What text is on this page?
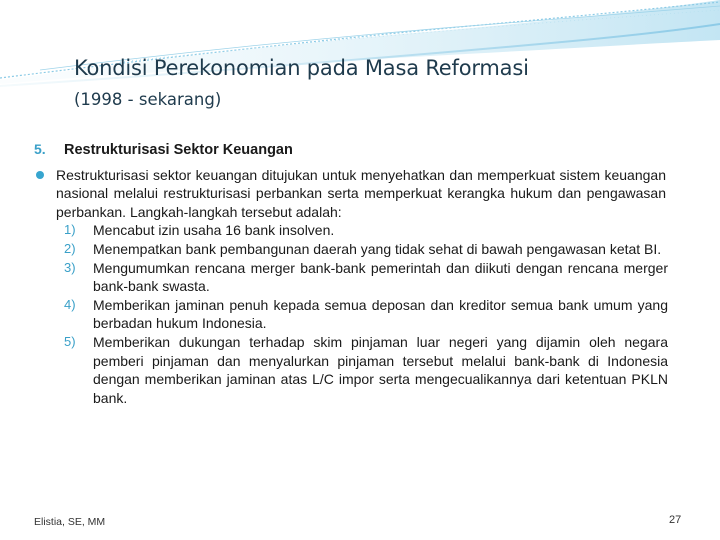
Kondisi Perekonomian pada Masa Reformasi
(1998 - sekarang)
5.	Restrukturisasi Sektor Keuangan
Restrukturisasi sektor keuangan ditujukan untuk menyehatkan dan memperkuat sistem keuangan nasional melalui restrukturisasi perbankan serta memperkuat kerangka hukum dan pengawasan perbankan. Langkah-langkah tersebut adalah:
1)	Mencabut izin usaha 16 bank insolven.
2)	Menempatkan bank pembangunan daerah yang tidak sehat di bawah pengawasan ketat BI.
3)	Mengumumkan rencana merger bank-bank pemerintah dan diikuti dengan rencana merger bank-bank swasta.
4)	Memberikan jaminan penuh kepada semua deposan dan kreditor semua bank umum yang berbadan hukum Indonesia.
5)	Memberikan dukungan terhadap skim pinjaman luar negeri yang dijamin oleh negara pemberi pinjaman dan menyalurkan pinjaman tersebut melalui bank-bank di Indonesia dengan memberikan jaminan atas L/C impor serta mengecualikannya dari ketentuan PKLN bank.
Elistia, SE, MM	27
